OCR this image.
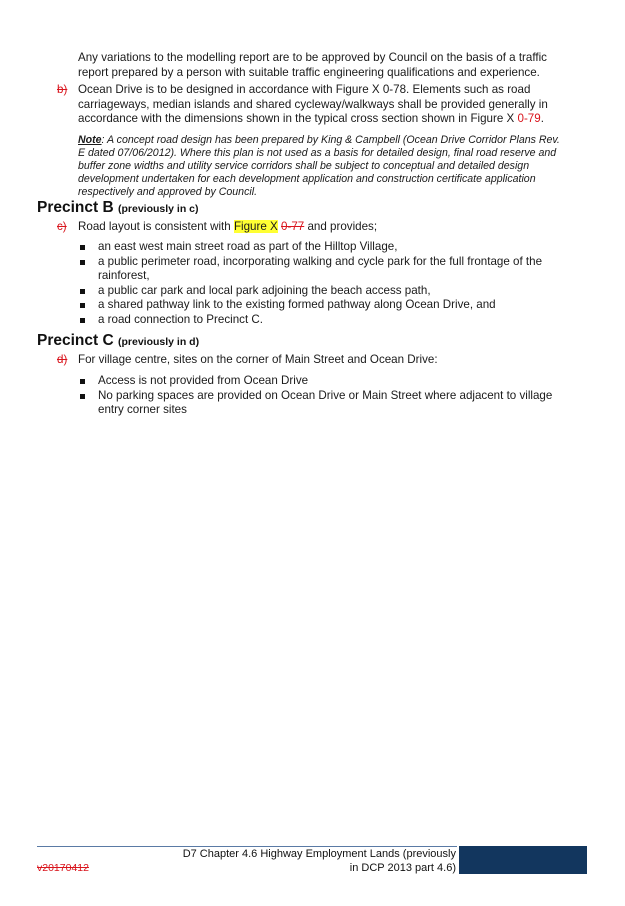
Any variations to the modelling report are to be approved by Council on the basis of a traffic report prepared by a person with suitable traffic engineering qualifications and experience.
b) Ocean Drive is to be designed in accordance with Figure X 0-78. Elements such as road carriageways, median islands and shared cycleway/walkways shall be provided generally in accordance with the dimensions shown in the typical cross section shown in Figure X 0-79.
Note: A concept road design has been prepared by King & Campbell (Ocean Drive Corridor Plans Rev. E dated 07/06/2012). Where this plan is not used as a basis for detailed design, final road reserve and buffer zone widths and utility service corridors shall be subject to conceptual and detailed design development undertaken for each development application and construction certificate application respectively and approved by Council.
Precinct B (previously in c)
c) Road layout is consistent with Figure X 0-77 and provides;
an east west main street road as part of the Hilltop Village,
a public perimeter road, incorporating walking and cycle park for the full frontage of the rainforest,
a public car park and local park adjoining the beach access path,
a shared pathway link to the existing formed pathway along Ocean Drive, and
a road connection to Precinct C.
Precinct C (previously in d)
d) For village centre, sites on the corner of Main Street and Ocean Drive:
Access is not provided from Ocean Drive
No parking spaces are provided on Ocean Drive or Main Street where adjacent to village entry corner sites
D7 Chapter 4.6 Highway Employment Lands (previously
in DCP 2013 part 4.6)
v20170412
